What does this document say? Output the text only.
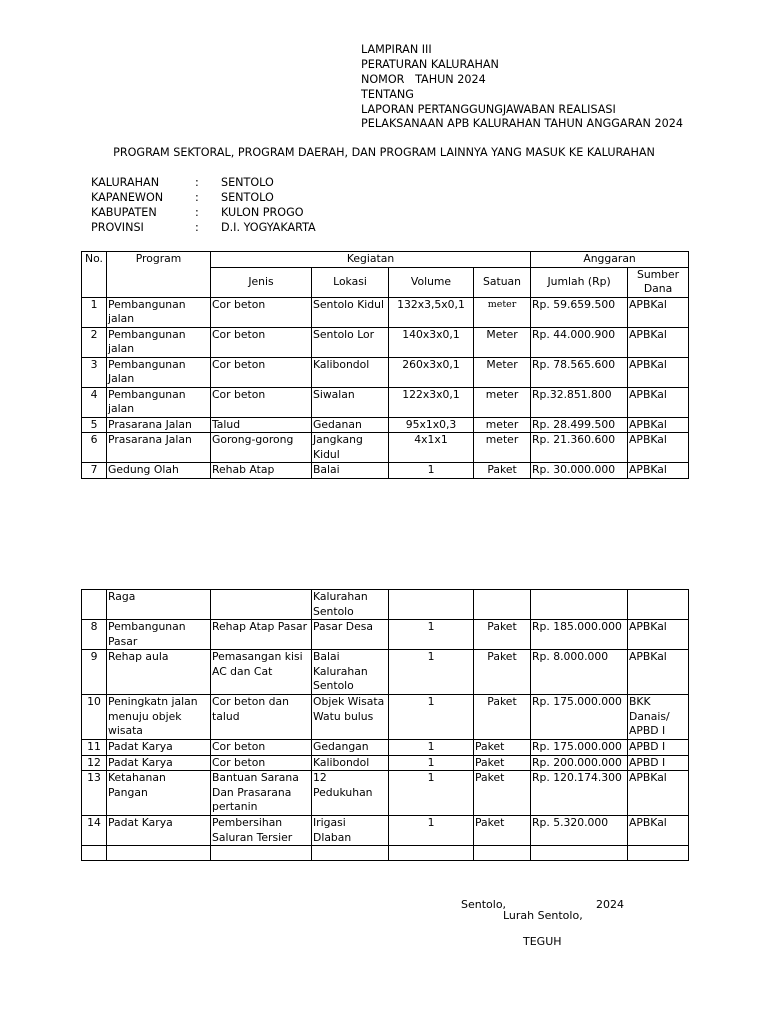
LAMPIRAN III
PERATURAN KALURAHAN
NOMOR   TAHUN 2024
TENTANG
LAPORAN PERTANGGUNGJAWABAN REALISASI
PELAKSANAAN APB KALURAHAN TAHUN ANGGARAN 2024
PROGRAM SEKTORAL, PROGRAM DAERAH, DAN PROGRAM LAINNYA YANG MASUK KE KALURAHAN
KALURAHAN	: SENTOLO
KAPANEWON	: SENTOLO
KABUPATEN	: KULON PROGO
PROVINSI	: D.I. YOGYAKARTA
No.	Program	Kegiatan				Anggaran	
		Jenis	Lokasi	Volume	Satuan	Jumlah (Rp)	Sumber Dana
1	Pembangunan jalan	Cor beton	Sentolo Kidul	132x3,5x0,1	meter	Rp. 59.659.500	APBKal
2	Pembangunan jalan	Cor beton	Sentolo Lor	140x3x0,1	Meter	Rp. 44.000.900	APBKal
3	Pembangunan Jalan	Cor beton	Kalibondol	260x3x0,1	Meter	Rp. 78.565.600	APBKal
4	Pembangunan jalan	Cor beton	Siwalan	122x3x0,1	meter	Rp.32.851.800	APBKal
5	Prasarana Jalan	Talud	Gedanan	95x1x0,3	meter	Rp. 28.499.500	APBKal
6	Prasarana Jalan	Gorong-gorong	Jangkang Kidul	4x1x1	meter	Rp. 21.360.600	APBKal
7	Gedung Olah	Rehab Atap	Balai	1	Paket	Rp. 30.000.000	APBKal
	Raga		Kalurahan Sentolo				
8	Pembangunan Pasar	Rehap Atap Pasar	Pasar Desa	1	Paket	Rp. 185.000.000	APBKal
9	Rehap aula	Pemasangan kisi AC dan Cat	Balai Kalurahan Sentolo	1	Paket	Rp. 8.000.000	APBKal
10	Peningkatn jalan menuju objek wisata	Cor beton dan talud	Objek Wisata Watu bulus	1	Paket	Rp. 175.000.000	BKK Danais/ APBD I
11	Padat Karya	Cor beton	Gedangan	1	Paket	Rp. 175.000.000	APBD I
12	Padat Karya	Cor beton	Kalibondol	1	Paket	Rp. 200.000.000	APBD I
13	Ketahanan Pangan	Bantuan Sarana Dan Prasarana pertanin	12 Pedukuhan	1	Paket	Rp. 120.174.300	APBKal
14	Padat Karya	Pembersihan Saluran Tersier	Irigasi Dlaban	1	Paket	Rp. 5.320.000	APBKal

Sentolo,	2024
Lurah Sentolo,
TEGUH
